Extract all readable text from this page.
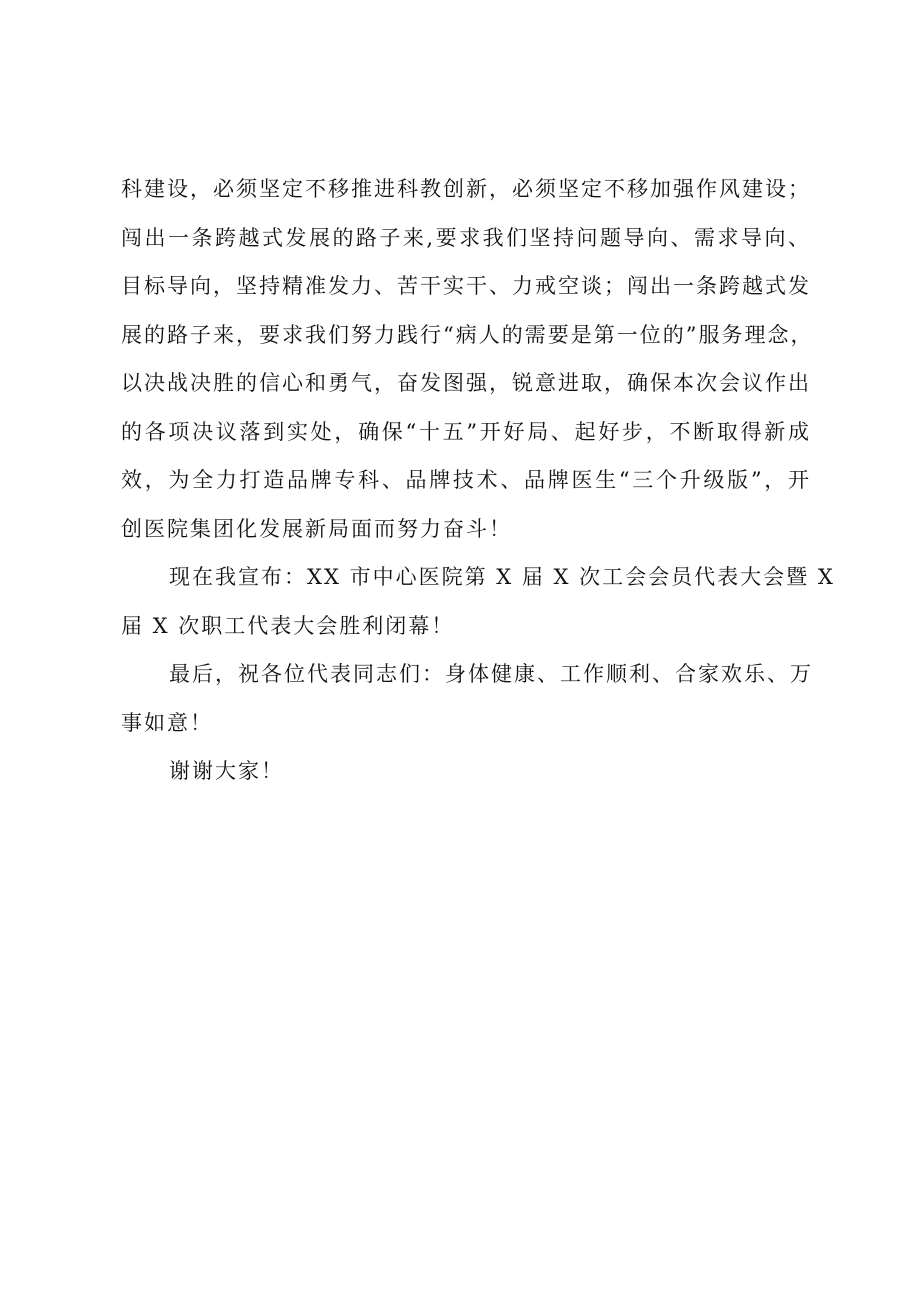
科建设，必须坚定不移推进科教创新，必须坚定不移加强作风建设；
闯出一条跨越式发展的路子来,要求我们坚持问题导向、需求导向、
目标导向，坚持精准发力、苦干实干、力戒空谈；闯出一条跨越式发
展的路子来，要求我们努力践行“病人的需要是第一位的”服务理念，
以决战决胜的信心和勇气，奋发图强，锐意进取，确保本次会议作出
的各项决议落到实处，确保“十五”开好局、起好步，不断取得新成
效，为全力打造品牌专科、品牌技术、品牌医生“三个升级版”，开
创医院集团化发展新局面而努力奋斗！
现在我宣布：XX 市中心医院第 X 届 X 次工会会员代表大会暨 X
届 X 次职工代表大会胜利闭幕！
最后，祝各位代表同志们：身体健康、工作顺利、合家欢乐、万
事如意！
谢谢大家！
